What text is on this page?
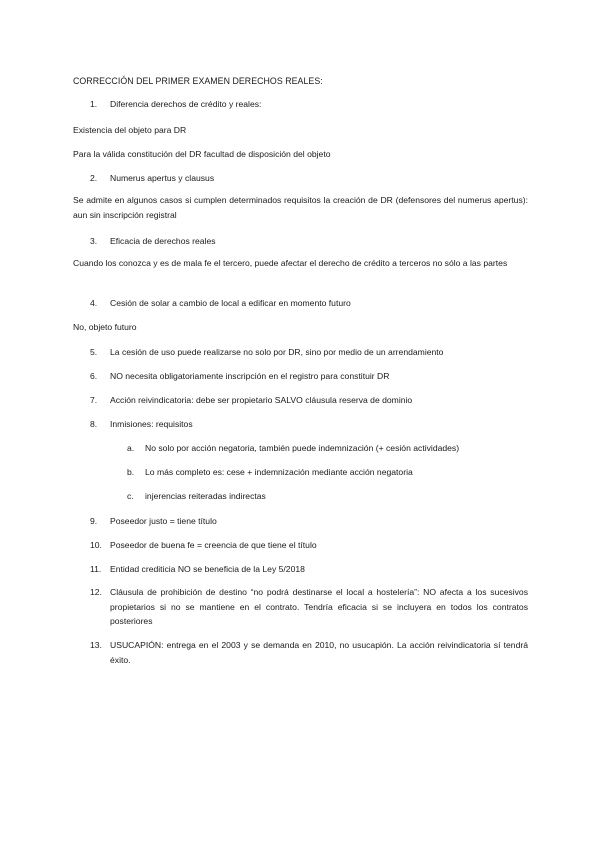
CORRECCIÓN DEL PRIMER EXAMEN DERECHOS REALES:
1. Diferencia derechos de crédito y reales:
Existencia del objeto para DR
Para la válida constitución del DR facultad de disposición del objeto
2. Numerus apertus y clausus
Se admite en algunos casos si cumplen determinados requisitos la creación de DR (defensores del numerus apertus): aun sin inscripción registral
3. Eficacia de derechos reales
Cuando los conozca y es de mala fe el tercero, puede afectar el derecho de crédito a terceros no sólo a las partes
4. Cesión de solar a cambio de local a edificar en momento futuro
No, objeto futuro
5. La cesión de uso puede realizarse no solo por DR, sino por medio de un arrendamiento
6. NO necesita obligatoriamente inscripción en el registro para constituir DR
7. Acción reivindicatoria: debe ser propietario SALVO cláusula reserva de dominio
8. Inmisiones: requisitos
a. No solo por acción negatoria, también puede indemnización (+ cesión actividades)
b. Lo más completo es: cese + indemnización mediante acción negatoria
c. injerencias reiteradas indirectas
9. Poseedor justo = tiene título
10. Poseedor de buena fe = creencia de que tiene el título
11. Entidad crediticia NO se beneficia de la Ley 5/2018
12. Cláusula de prohibición de destino “no podrá destinarse el local a hostelería”: NO afecta a los sucesivos propietarios si no se mantiene en el contrato. Tendría eficacia si se incluyera en todos los contratos posteriores
13. USUCAPIÓN: entrega en el 2003 y se demanda en 2010, no usucapión. La acción reivindicatoria sí tendrá éxito.
